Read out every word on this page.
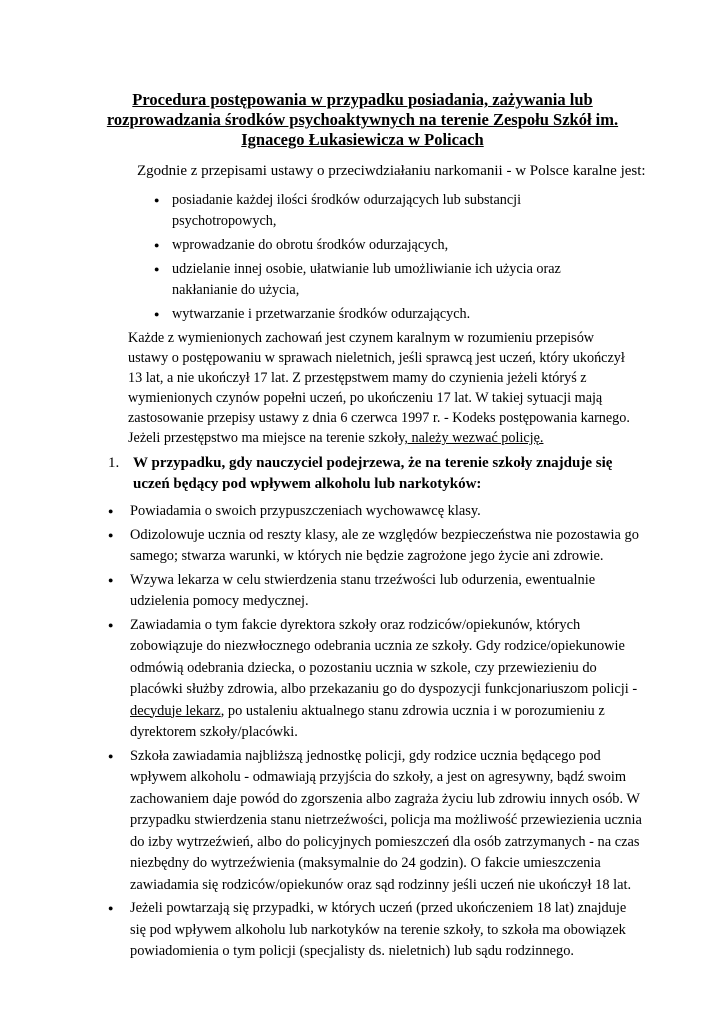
Procedura postępowania w przypadku posiadania, zażywania lub rozprowadzania środków psychoaktywnych na terenie Zespołu Szkół im. Ignacego Łukasiewicza w Policach
Zgodnie z przepisami ustawy o przeciwdziałaniu narkomanii - w Polsce karalne jest:
● posiadanie każdej ilości środków odurzających lub substancji psychotropowych,
● wprowadzanie do obrotu środków odurzających,
● udzielanie innej osobie, ułatwianie lub umożliwianie ich użycia oraz nakłanianie do użycia,
● wytwarzanie i przetwarzanie środków odurzających.
Każde z wymienionych zachowań jest czynem karalnym w rozumieniu przepisów ustawy o postępowaniu w sprawach nieletnich, jeśli sprawcą jest uczeń, który ukończył 13 lat, a nie ukończył 17 lat. Z przestępstwem mamy do czynienia jeżeli któryś z wymienionych czynów popełni uczeń, po ukończeniu 17 lat. W takiej sytuacji mają zastosowanie przepisy ustawy z dnia 6 czerwca 1997 r. - Kodeks postępowania karnego. Jeżeli przestępstwo ma miejsce na terenie szkoły, należy wezwać policję.
1. W przypadku, gdy nauczyciel podejrzewa, że na terenie szkoły znajduje się uczeń będący pod wpływem alkoholu lub narkotyków:
● Powiadamia o swoich przypuszczeniach wychowawcę klasy.
● Odizolowuje ucznia od reszty klasy, ale ze względów bezpieczeństwa nie pozostawia go samego; stwarza warunki, w których nie będzie zagrożone jego życie ani zdrowie.
● Wzywa lekarza w celu stwierdzenia stanu trzeźwości lub odurzenia, ewentualnie udzielenia pomocy medycznej.
● Zawiadamia o tym fakcie dyrektora szkoły oraz rodziców/opiekunów, których zobowiązuje do niezwłocznego odebrania ucznia ze szkoły. Gdy rodzice/opiekunowie odmówią odebrania dziecka, o pozostaniu ucznia w szkole, czy przewiezieniu do placówki służby zdrowia, albo przekazaniu go do dyspozycji funkcjonariuszom policji - decyduje lekarz, po ustaleniu aktualnego stanu zdrowia ucznia i w porozumieniu z dyrektorem szkoły/placówki.
● Szkoła zawiadamia najbliższą jednostkę policji, gdy rodzice ucznia będącego pod wpływem alkoholu - odmawiają przyjścia do szkoły, a jest on agresywny, bądź swoim zachowaniem daje powód do zgorszenia albo zagraża życiu lub zdrowiu innych osób. W przypadku stwierdzenia stanu nietrzeźwości, policja ma możliwość przewiezienia ucznia do izby wytrzeźwień, albo do policyjnych pomieszczeń dla osób zatrzymanych - na czas niezbędny do wytrzeźwienia (maksymalnie do 24 godzin). O fakcie umieszczenia zawiadamia się rodziców/opiekunów oraz sąd rodzinny jeśli uczeń nie ukończył 18 lat.
● Jeżeli powtarzają się przypadki, w których uczeń (przed ukończeniem 18 lat) znajduje się pod wpływem alkoholu lub narkotyków na terenie szkoły, to szkoła ma obowiązek powiadomienia o tym policji (specjalisty ds. nieletnich) lub sądu rodzinnego.
